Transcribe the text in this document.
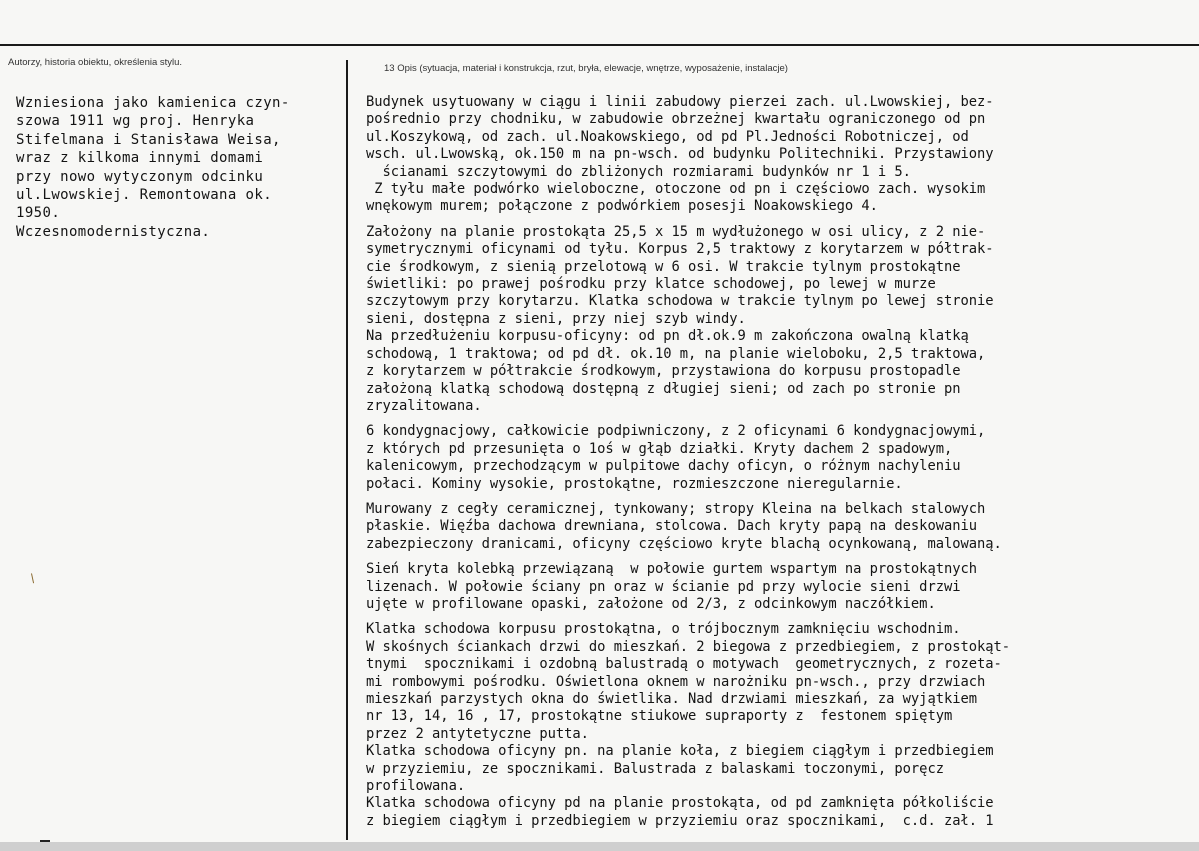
Autorzy, historia obiektu, określenia stylu.
13 Opis (sytuacja, materiał i konstrukcja, rzut, bryła, elewacje, wnętrze, wyposażenie, instalacje)
Wzniesiona jako kamienica czyn-
szowa 1911 wg proj. Henryka
Stifelmana i Stanisława Weisa,
wraz z kilkoma innymi domami
przy nowo wytyczonym odcinku
ul.Lwowskiej. Remontowana ok.
1950.
Wczesnomodernistyczna.
Budynek usytuowany w ciągu i linii zabudowy pierzei zach. ul.Lwowskiej, bez-
pośrednio przy chodniku, w zabudowie obrzeżnej kwartału ograniczonego od pn
ul.Koszykową, od zach. ul.Noakowskiego, od pd Pl.Jedności Robotniczej, od
wsch. ul.Lwowską, ok.150 m na pn-wsch. od budynku Politechniki. Przystawiony
ścianami szczytowymi do zbliżonych rozmiarami budynków nr 1 i 5.
Z tyłu małe podwórko wieloboczne, otoczone od pn i częściowo zach. wysokim
wnękowym murem; połączone z podwórkiem posesji Noakowskiego 4.
Założony na planie prostokąta 25,5 x 15 m wydłużonego w osi ulicy, z 2 nie-
symetrycznymi oficynami od tyłu. Korpus 2,5 traktowy z korytarzem w półtrak-
cie środkowym, z sienią przelotową w 6 osi. W trakcie tylnym prostokątne
świetliki: po prawej pośrodku przy klatce schodowej, po lewej w murze
szczytowym przy korytarzu. Klatka schodowa w trakcie tylnym po lewej stronie
sieni, dostępna z sieni, przy niej szyb windy.
Na przedłużeniu korpusu-oficyny: od pn dł.ok.9 m zakończona owalną klatką
schodową, 1 traktowa; od pd dł. ok.10 m, na planie wieloboku, 2,5 traktowa,
z korytarzem w półtrakcie środkowym, przystawiona do korpusu prostopadle
założoną klatką schodową dostępną z długiej sieni; od zach po stronie pn
zryzalitowana.
6 kondygnacjowy, całkowicie podpiwniczony, z 2 oficynami 6 kondygnacjowymi,
z których pd przesunięta o 1oś w głąb działki. Kryty dachem 2 spadowym,
kalenicowym, przechodzącym w pulpitowe dachy oficyn, o różnym nachyleniu
połaci. Kominy wysokie, prostokątne, rozmieszczone nieregularnie.
Murowany z cegły ceramicznej, tynkowany; stropy Kleina na belkach stalowych
płaskie. Więźba dachowa drewniana, stolcowa. Dach kryty papą na deskowaniu
zabezpieczony dranicami, oficyny częściowo kryte blachą ocynkowaną, malowaną.
Sień kryta kolebką przewiązaną  w połowie gurtem wspartym na prostokątnych
lizenach. W połowie ściany pn oraz w ścianie pd przy wylocie sieni drzwi
ujęte w profilowane opaski, założone od 2/3, z odcinkowym naczółkiem.
Klatka schodowa korpusu prostokątna, o trójbocznym zamknięciu wschodnim.
W skośnych ściankach drzwi do mieszkań. 2 biegowa z przedbiegiem, z prostokąt-
tnymi  spocznikami i ozdobną balustradą o motywach  geometrycznych, z rozeta-
mi rombowymi pośrodku. Oświetlona oknem w narożniku pn-wsch., przy drzwiach
mieszkań parzystych okna do świetlika. Nad drzwiami mieszkań, za wyjątkiem
nr 13, 14, 16 , 17, prostokątne stiukowe supraporty z  festonem spiętym
przez 2 antytetyczne putta.
Klatka schodowa oficyny pn. na planie koła, z biegiem ciągłym i przedbiegiem
w przyziemiu, ze spocznikami. Balustrada z balaskami toczonymi, poręcz
profilowana.
Klatka schodowa oficyny pd na planie prostokąta, od pd zamknięta półkoliście
z biegiem ciągłym i przedbiegiem w przyziemiu oraz spocznikami,  c.d. zał. 1
